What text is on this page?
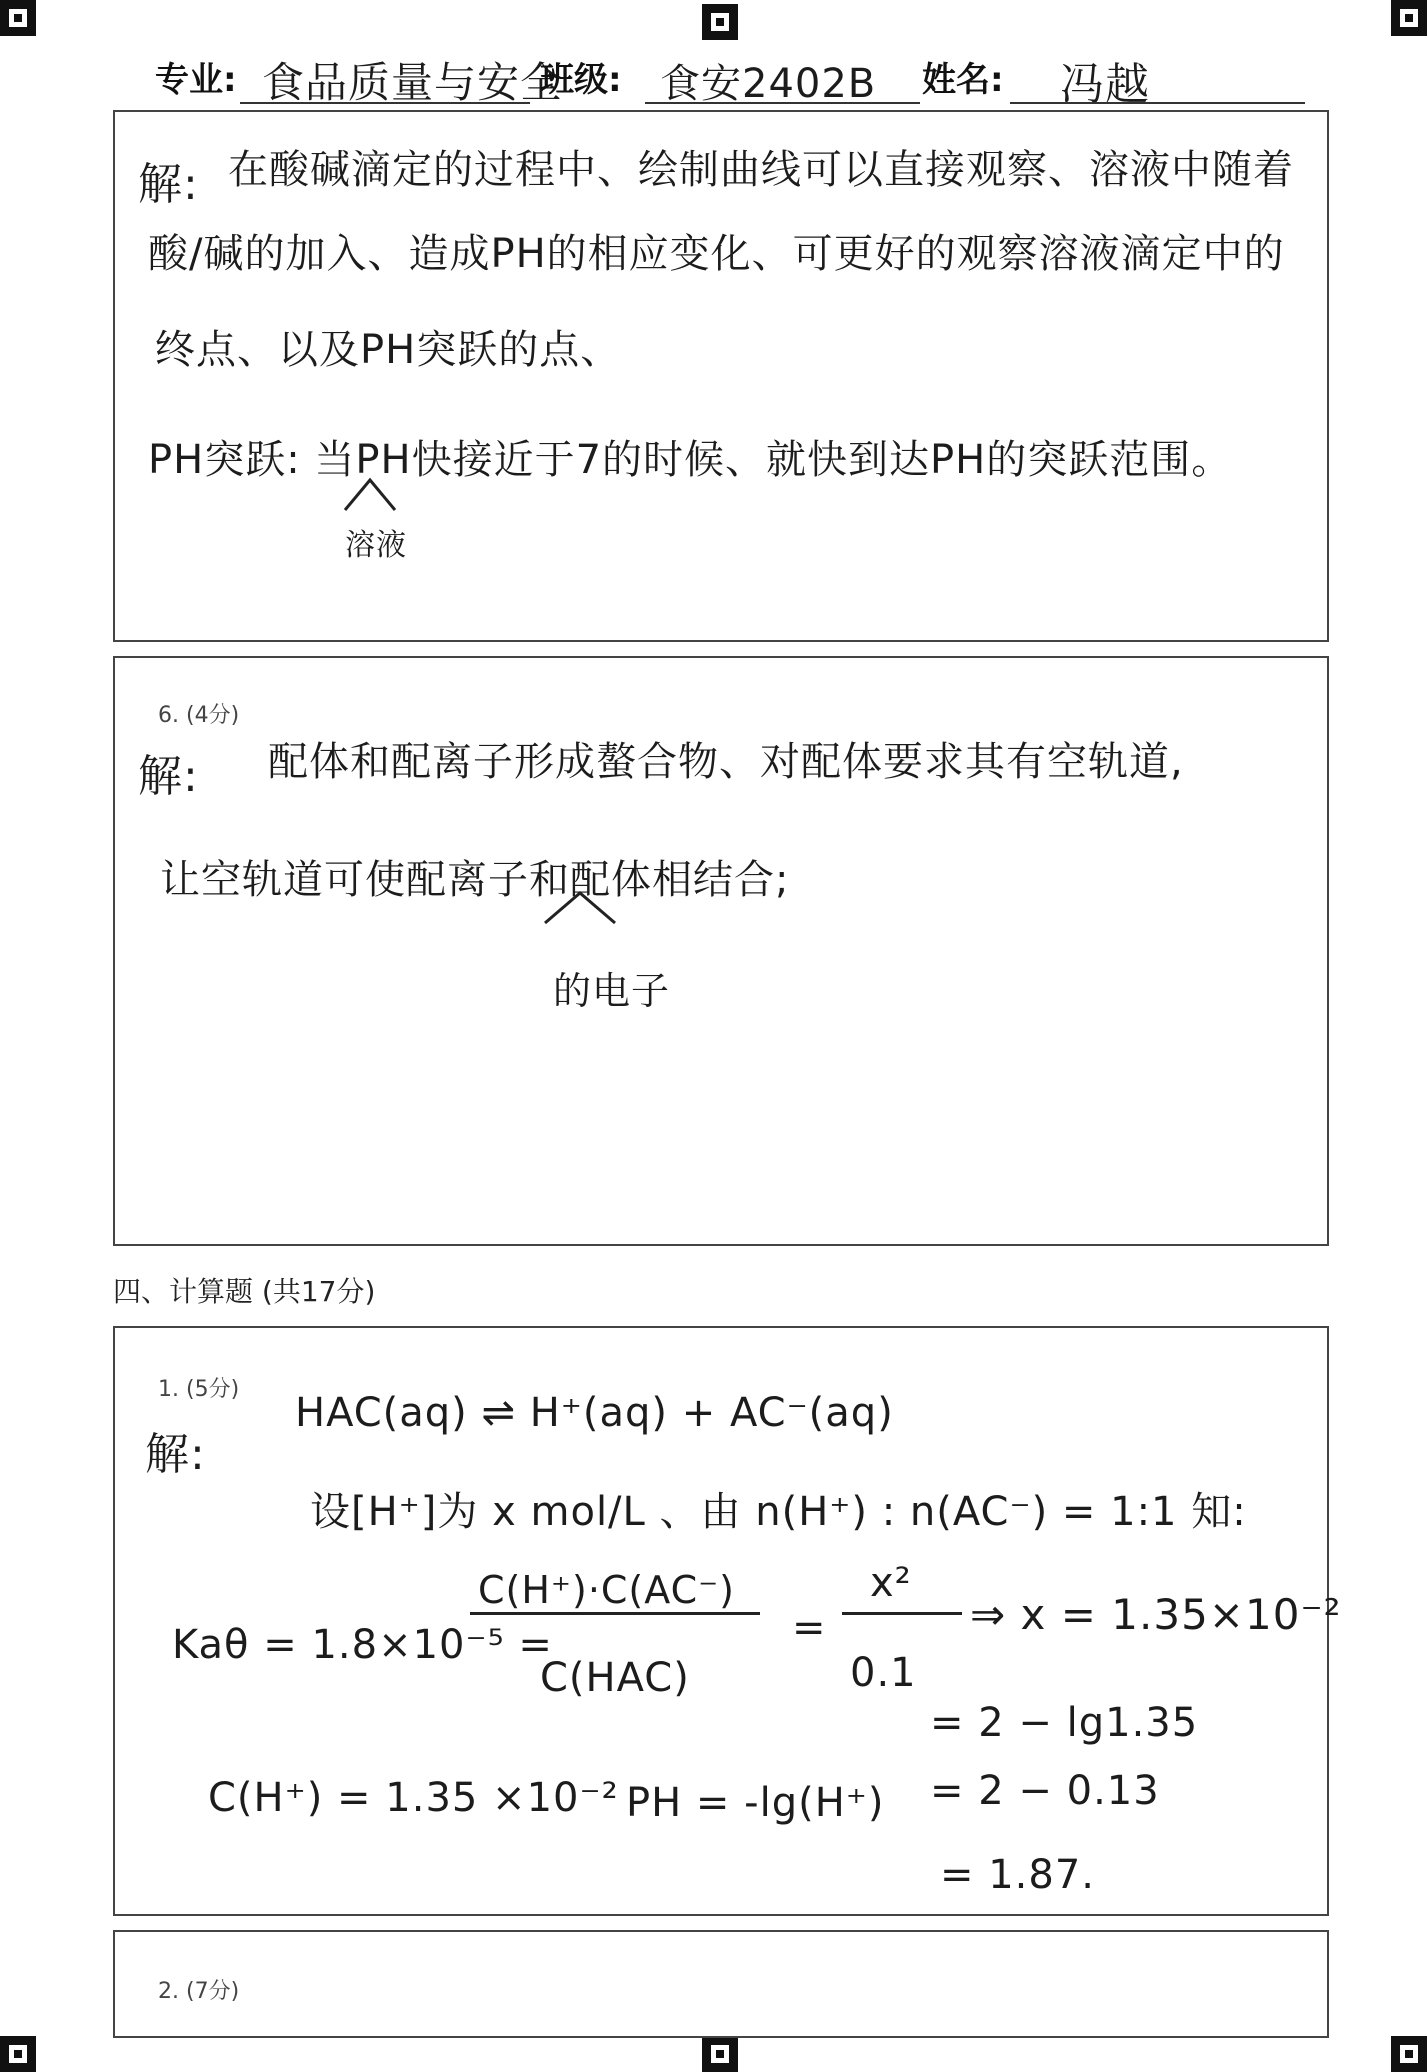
专业: 食品质量与安全
班级: 食安2402B 姓名: 冯越
解: 在酸碱滴定的过程中、绘制曲线可以直接观察、溶液中随着
酸/碱的加入、造成PH的相应变化、可更好的观察溶液滴定中的
终点、以及PH突跃的点、
PH突跃: 当PH快接近于7的时候、就快到达PH的突跃范围。
溶液
6. (4分)
解: 配体和配离子形成螯合物、对配体要求其有空轨道,
让空轨道可使配离子和配体相结合;
的电子
四、计算题 (共17分)
1. (5分)
解:
HAC(aq) ⇌ H⁺(aq) + AC⁻(aq)
设[H⁺]为 x mol/L 、由 n(H⁺) : n(AC⁻) = 1:1 知:
Kaθ = 1.8×10⁻⁵ =
C(H⁺)·C(AC⁻)
C(HAC)
=
x²
0.1
⇒ x = 1.35×10⁻²
C(H⁺) = 1.35 ×10⁻² PH = -lg(H⁺)
= 2 − lg1.35
= 2 − 0.13
= 1.87.
2. (7分)
